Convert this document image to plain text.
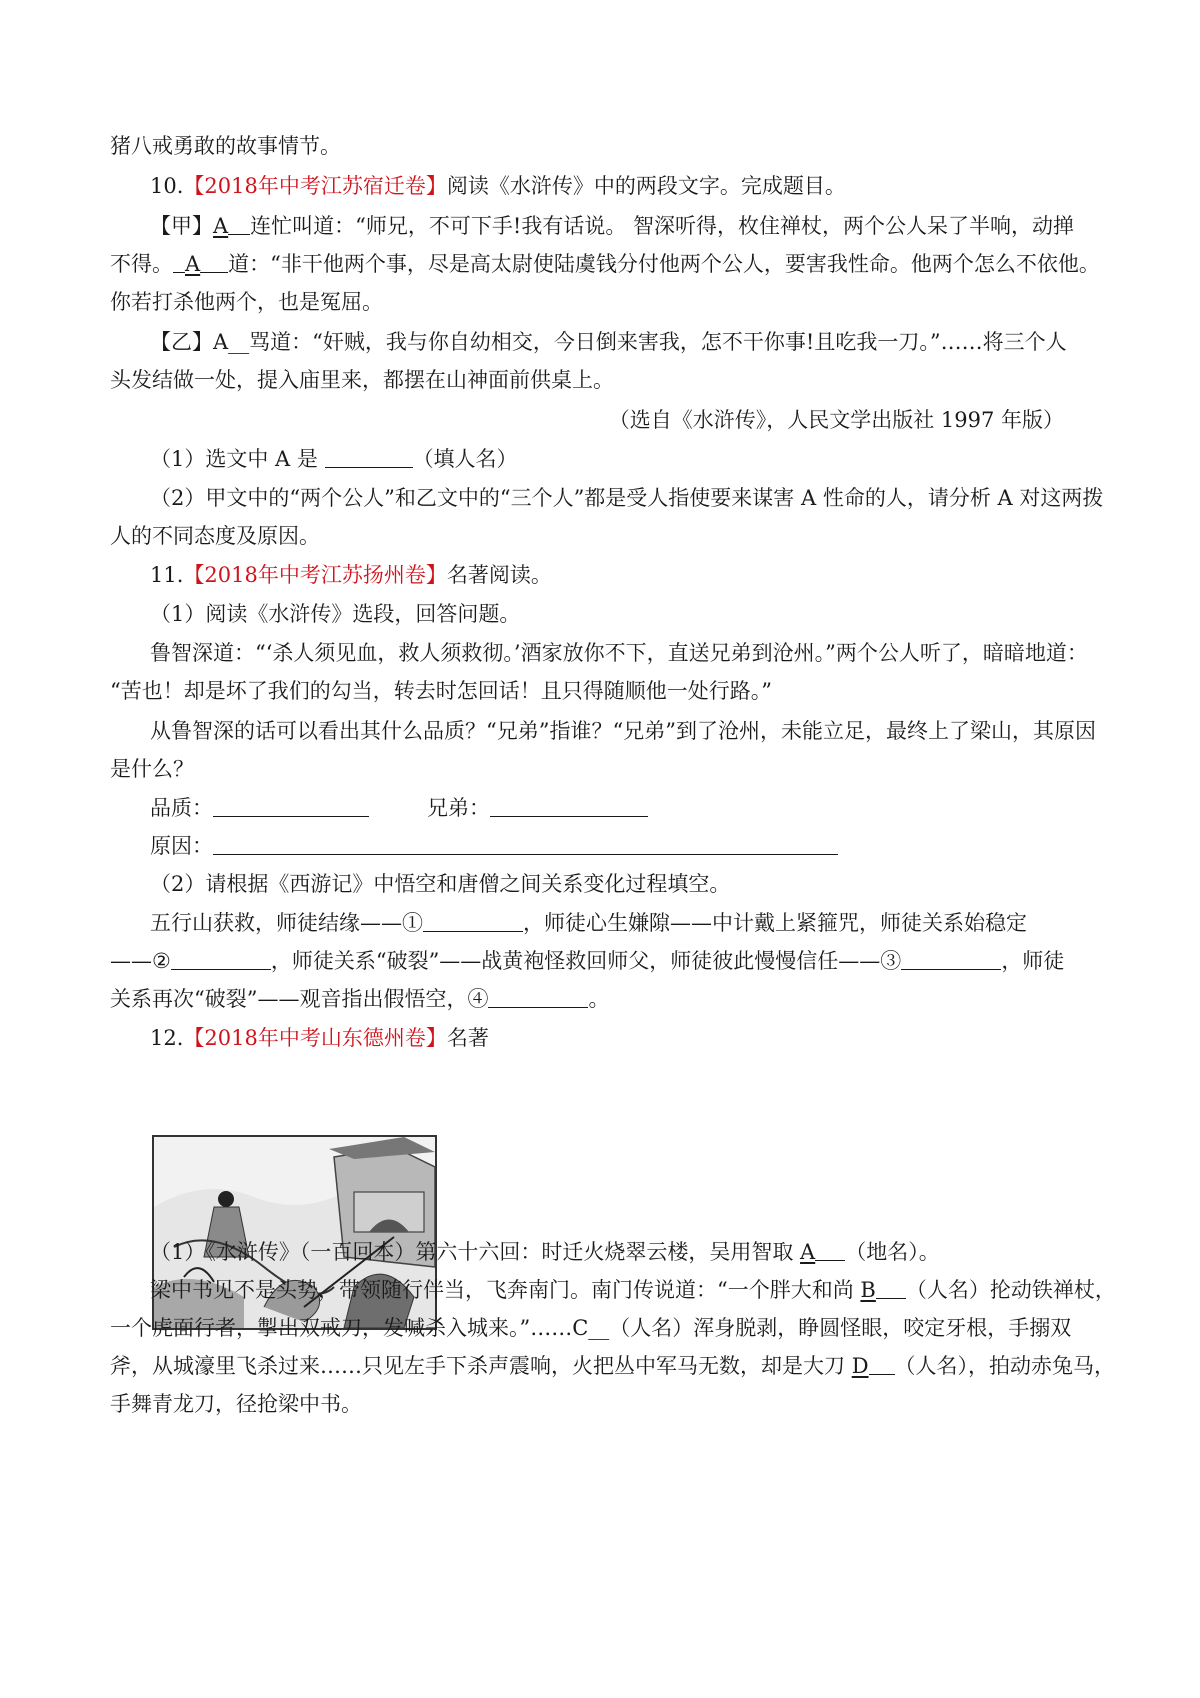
猪八戒勇敢的故事情节。
10.【2018年中考江苏宿迁卷】阅读《水浒传》中的两段文字。完成题目。
【甲】A 连忙叫道：“师兄，不可下手!我有话说。 智深听得，枚住禅杖，两个公人呆了半响，动掸
不得。 A 道：“非干他两个事，尽是高太尉使陆虞钱分付他两个公人，要害我性命。他两个怎么不依他。
你若打杀他两个，也是冤屈。
【乙】A__骂道：“奸贼，我与你自幼相交，今日倒来害我，怎不干你事!且吃我一刀。”……将三个人
头发结做一处，提入庙里来，都摆在山神面前供桌上。
（选自《水浒传》，人民文学出版社 1997 年版）
（1）选文中 A 是	（填人名）
（2）甲文中的“两个公人”和乙文中的“三个人”都是受人指使要来谋害 A 性命的人，请分析 A 对这两拨
人的不同态度及原因。
11.【2018年中考江苏扬州卷】名著阅读。
（1）阅读《水浒传》选段，回答问题。
鲁智深道：“‘杀人须见血，救人须救彻。’酒家放你不下，直送兄弟到沧州。”两个公人听了，暗暗地道：
“苦也！却是坏了我们的勾当，转去时怎回话！且只得随顺他一处行路。”
从鲁智深的话可以看出其什么品质？“兄弟”指谁？“兄弟”到了沧州，未能立足，最终上了梁山，其原因
是什么？
品质：	兄弟：
原因：
（2）请根据《西游记》中悟空和唐僧之间关系变化过程填空。
五行山获救，师徒结缘——①	，师徒心生嫌隙——中计戴上紧箍咒，师徒关系始稳定
——②	，师徒关系“破裂”——战黄袍怪救回师父，师徒彼此慢慢信任——③	，师徒
关系再次“破裂”——观音指出假悟空，④	。
12.【2018年中考山东德州卷】名著
（1）《水浒传》（一百回本）第六十六回：时迁火烧翠云楼，吴用智取 A （地名）。
梁中书见不是头势，带领随行伴当，飞奔南门。南门传说道：“一个胖大和尚 B （人名）抡动铁禅杖，
一个虎面行者，掣出双戒刀，发喊杀入城来。”……C__（人名）浑身脱剥，睁圆怪眼，咬定牙根，手搦双
斧，从城濠里飞杀过来……只见左手下杀声震响，火把丛中军马无数，却是大刀 D （人名），拍动赤兔马，
手舞青龙刀，径抢梁中书。
